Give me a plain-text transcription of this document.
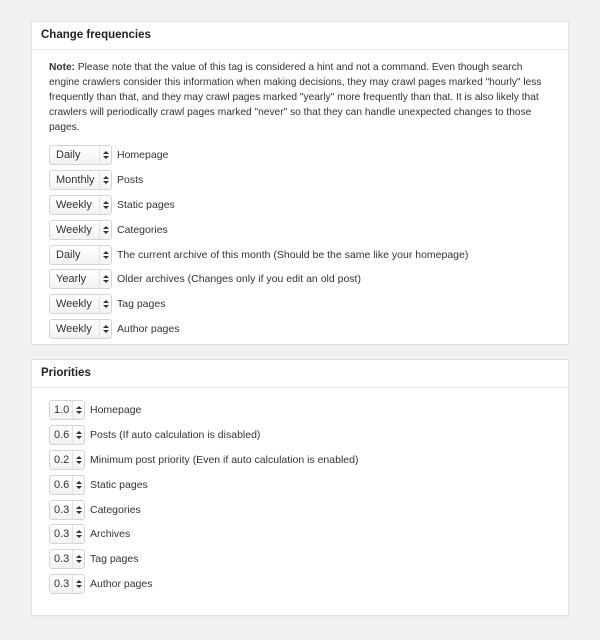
Change frequencies

Note: Please note that the value of this tag is considered a hint and not a command. Even though search engine crawlers consider this information when making decisions, they may crawl pages marked "hourly" less frequently than that, and they may crawl pages marked "yearly" more frequently than that. It is also likely that crawlers will periodically crawl pages marked "never" so that they can handle unexpected changes to those pages.

Daily	Homepage
Monthly	Posts
Weekly	Static pages
Weekly	Categories
Daily	The current archive of this month (Should be the same like your homepage)
Yearly	Older archives (Changes only if you edit an old post)
Weekly	Tag pages
Weekly	Author pages
Priorities
1.0	Homepage
0.6	Posts (If auto calculation is disabled)
0.2	Minimum post priority (Even if auto calculation is enabled)
0.6	Static pages
0.3	Categories
0.3	Archives
0.3	Tag pages
0.3	Author pages
